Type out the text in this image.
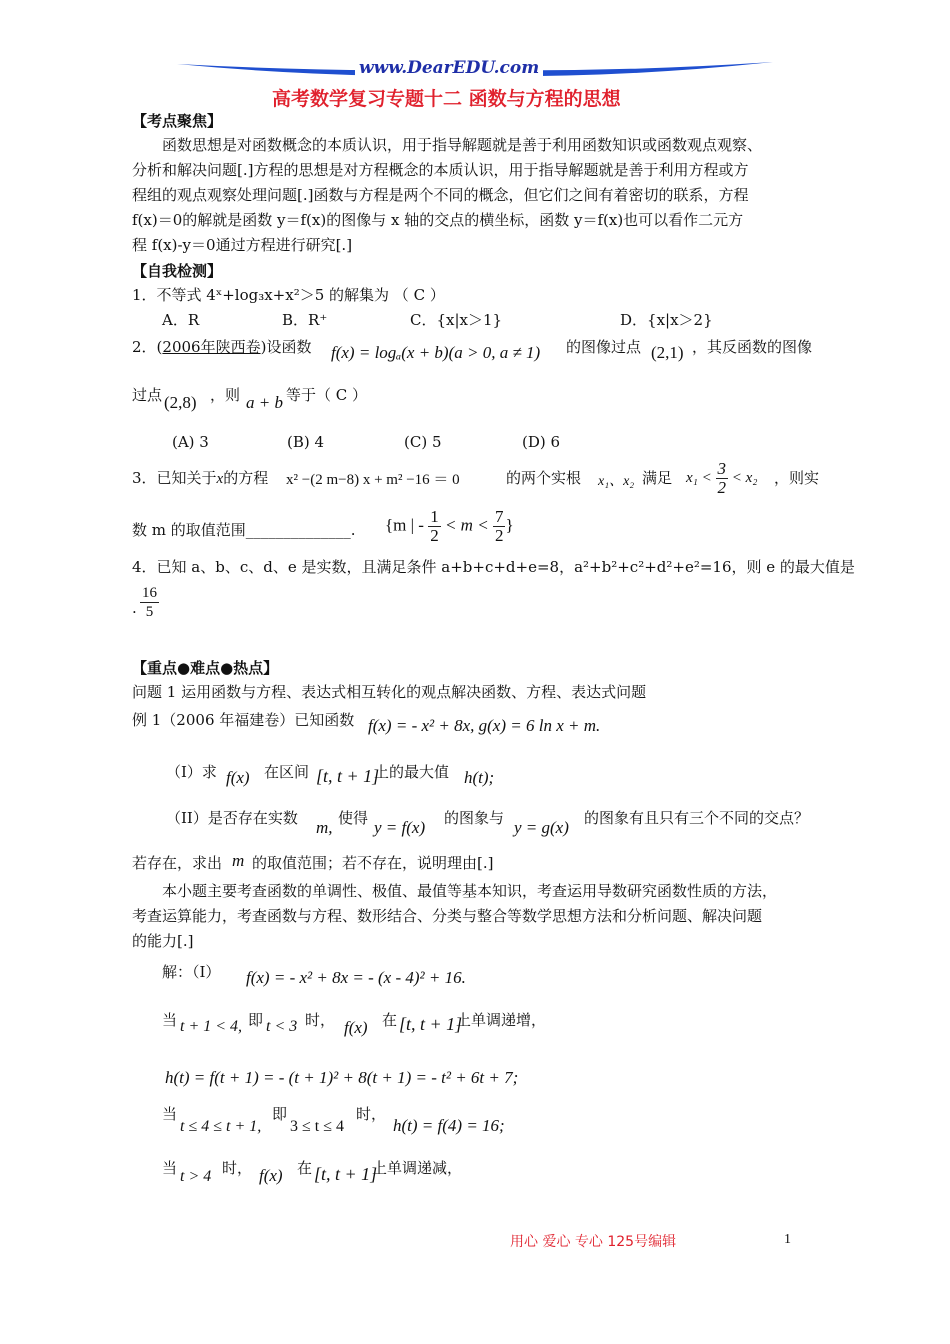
www.DearEDU.com
高考数学复习专题十二 函数与方程的思想
【考点聚焦】
函数思想是对函数概念的本质认识，用于指导解题就是善于利用函数知识或函数观点观察、
分析和解决问题[.]方程的思想是对方程概念的本质认识，用于指导解题就是善于利用方程或方
程组的观点观察处理问题[.]函数与方程是两个不同的概念，但它们之间有着密切的联系，方程
f(x)＝0的解就是函数 y＝f(x)的图像与 x 轴的交点的横坐标，函数 y＝f(x)也可以看作二元方
程 f(x)-y＝0通过方程进行研究[.]
【自我检测】
1．不等式 4ˣ+log₃x+x²＞5 的解集为 （ C ）
A．R	B．R⁺	C．{x|x＞1}	D．{x|x＞2}
2．(2006年陕西卷)设函数 f(x) = logₐ(x + b)(a > 0, a ≠ 1) 的图像过点 (2,1) ，其反函数的图像
过点 (2,8) ，则 a + b 等于（ C ）
(A) 3	(B) 4	(C) 5	(D) 6
3．已知关于x的方程 x² −(2 m−8) x + m² −16 ＝ 0	的两个实根 x₁、x₂ 满足 $x_1 < \frac{3}{2} < x_2$ ，则实
数 m 的取值范围______________. {m | - $\frac{1}{2} < m < \frac{7}{2}$ }
4．已知 a、b、c、d、e 是实数，且满足条件 a+b+c+d+e=8，a²+b²+c²+d²+e²=16，则 e 的最大值是
. $\frac{16}{5}$
【重点●难点●热点】
问题 1 运用函数与方程、表达式相互转化的观点解决函数、方程、表达式问题
例 1（2006 年福建卷）已知函数 f(x) = - x² + 8x, g(x) = 6 ln x + m.
（I）求 f(x) 在区间 [t, t + 1]
上的最大值 h(t);
（II）是否存在实数 m, 使得 y = f(x) 的图象与 y = g(x) 的图象有且只有三个不同的交点？
若存在，求出 m 的取值范围；若不存在，说明理由[.]
本小题主要考查函数的单调性、极值、最值等基本知识，考查运用导数研究函数性质的方法，
考查运算能力，考查函数与方程、数形结合、分类与整合等数学思想方法和分析问题、解决问题
的能力[.]
解：（I） f(x) = - x² + 8x = - (x - 4)² + 16.
当 t + 1 < 4, 即 t < 3 时， f(x) 在 [t, t + 1]
上单调递增，
h(t) = f(t + 1) = - (t + 1)² + 8(t + 1) = - t² + 6t + 7;
当
t ≤ 4 ≤ t + 1,
即
3 ≤ t ≤ 4
时，
h(t) = f(4) = 16;
当 t > 4 时， f(x) 在 [t, t + 1]
上单调递减，
用心 爱心 专心 125号编辑	1
